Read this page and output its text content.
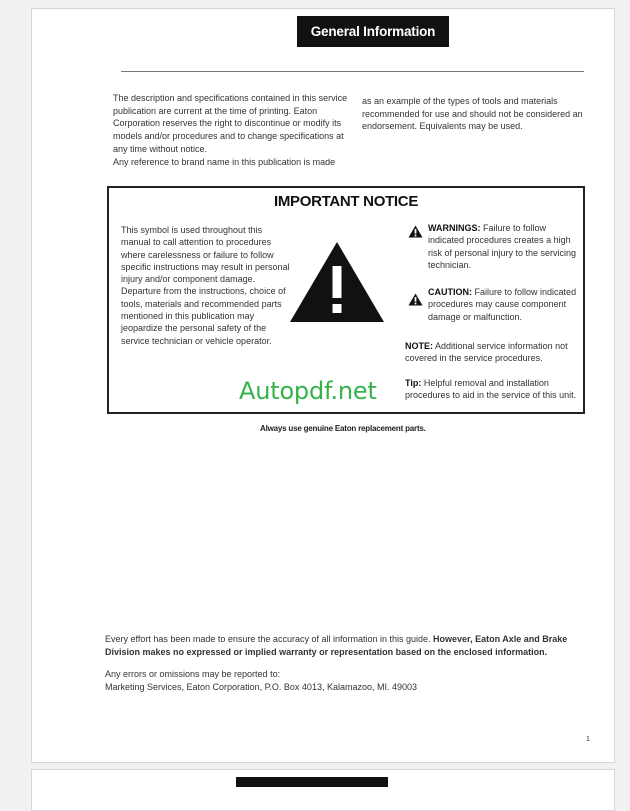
General Information

The description and specifications contained in this service publication are current at the time of printing. Eaton Corporation reserves the right to discontinue or modify its models and/or procedures and to change specifications at any time without notice.
Any reference to brand name in this publication is made

as an example of the types of tools and materials recommended for use and should not be considered an endorsement. Equivalents may be used.

IMPORTANT NOTICE

This symbol is used throughout this manual to call attention to procedures where carelessness or failure to follow specific instructions may result in personal injury and/or component damage.
Departure from the instructions, choice of tools, materials and recommended parts mentioned in this publication may jeopardize the personal safety of the service technician or vehicle operator.

WARNINGS: Failure to follow indicated procedures creates a high risk of personal injury to the servicing technician.

CAUTION: Failure to follow indicated procedures may cause component damage or malfunction.

NOTE: Additional service information not covered in the service procedures.

Tip: Helpful removal and installation procedures to aid in the service of this unit.

Autopdf.net
Always use genuine Eaton replacement parts.

Every effort has been made to ensure the accuracy of all information in this guide. However, Eaton Axle and Brake Division makes no expressed or implied warranty or representation based on the enclosed information.

Any errors or omissions may be reported to:
Marketing Services, Eaton Corporation, P.O. Box 4013, Kalamazoo, MI. 49003

1
